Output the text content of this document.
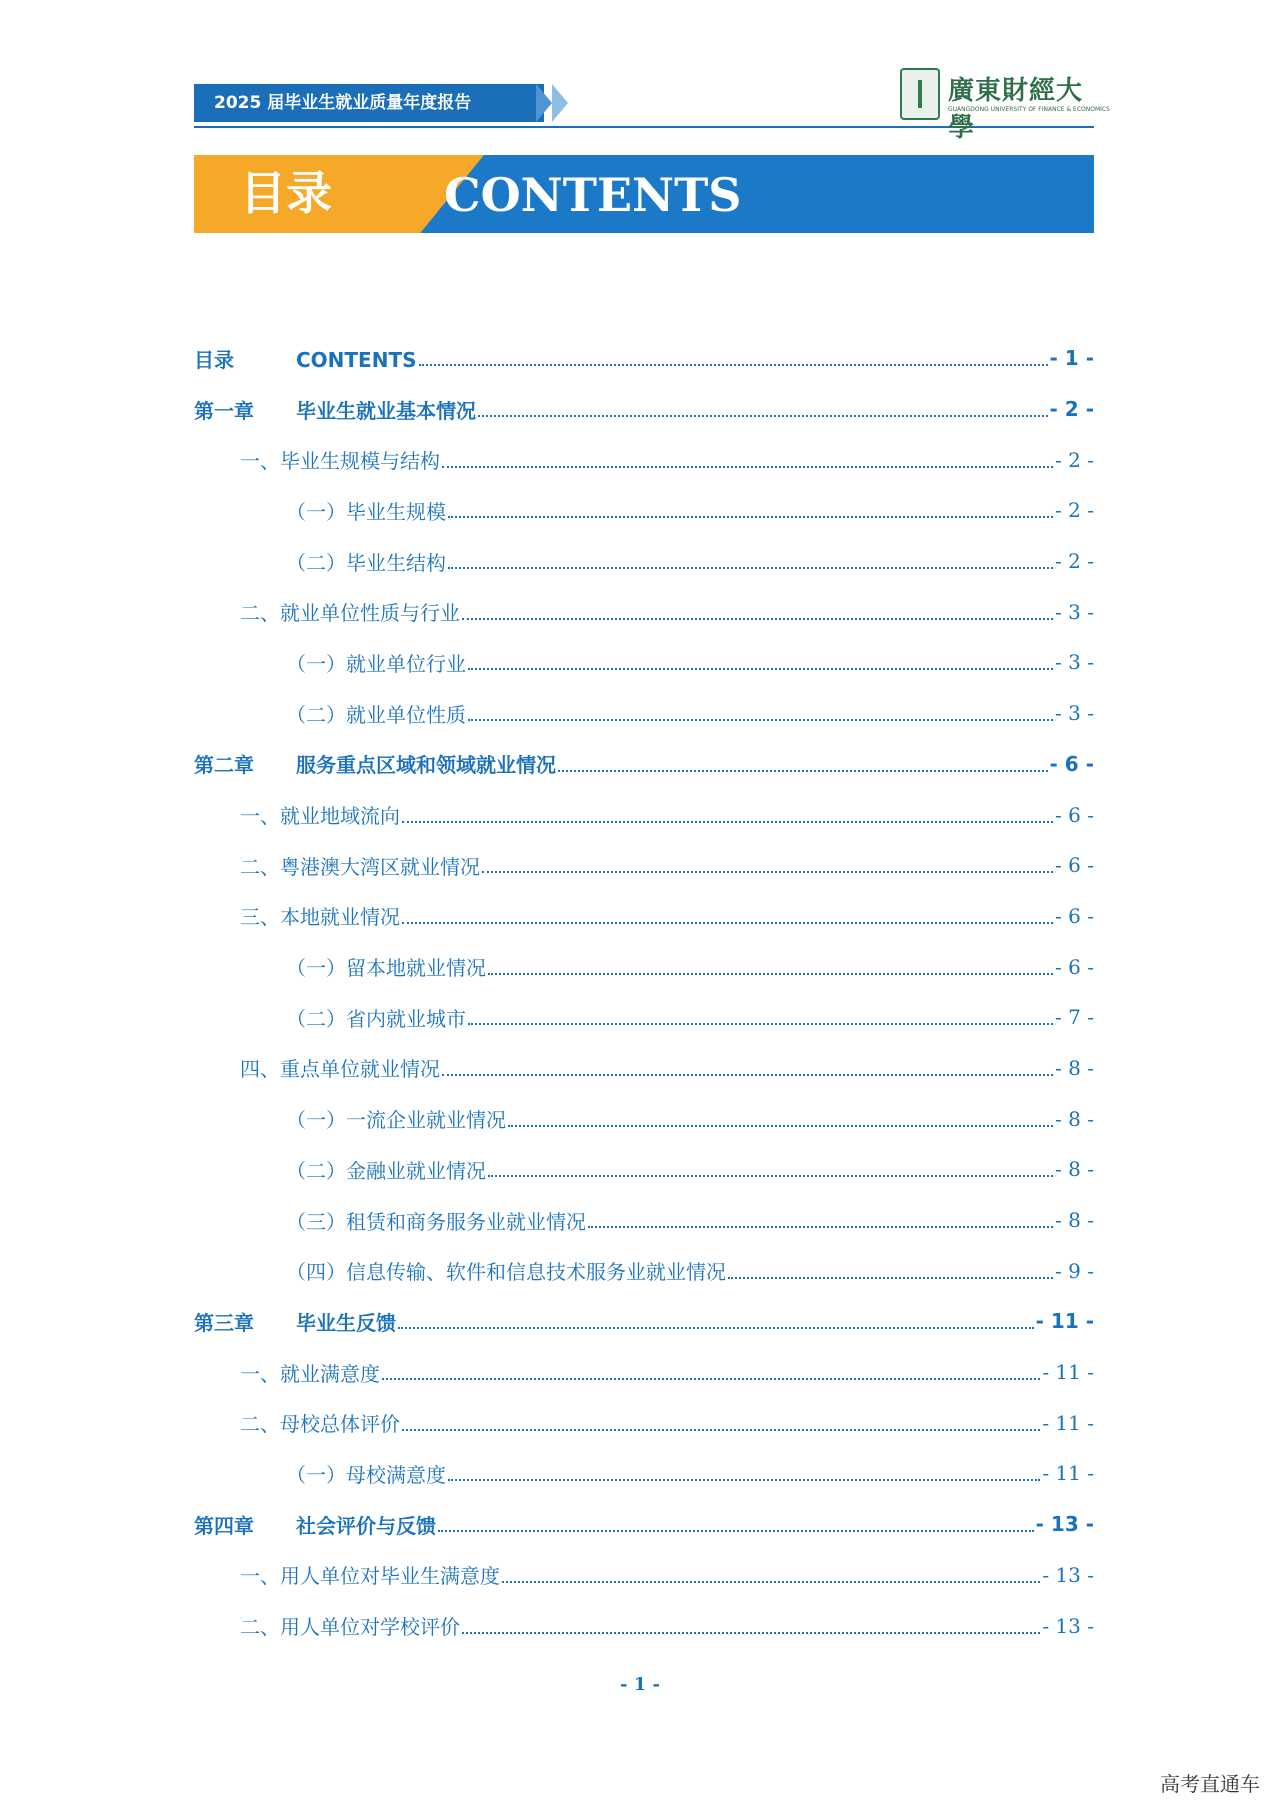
2025 届毕业生就业质量年度报告	廣東財經大學
GUANGDONG UNIVERSITY OF FINANCE & ECONOMICS
目录 CONTENTS
目录	CONTENTS	- 1 -
第一章 毕业生就业基本情况	- 2 -
一、毕业生规模与结构	- 2 -
（一）毕业生规模	- 2 -
（二）毕业生结构	- 2 -
二、就业单位性质与行业	- 3 -
（一）就业单位行业	- 3 -
（二）就业单位性质	- 3 -
第二章 服务重点区域和领域就业情况	- 6 -
一、就业地域流向	- 6 -
二、粤港澳大湾区就业情况	- 6 -
三、本地就业情况	- 6 -
（一）留本地就业情况	- 6 -
（二）省内就业城市	- 7 -
四、重点单位就业情况	- 8 -
（一）一流企业就业情况	- 8 -
（二）金融业就业情况	- 8 -
（三）租赁和商务服务业就业情况	- 8 -
（四）信息传输、软件和信息技术服务业就业情况	- 9 -
第三章 毕业生反馈	- 11 -
一、就业满意度	- 11 -
二、母校总体评价	- 11 -
（一）母校满意度	- 11 -
第四章 社会评价与反馈	- 13 -
一、用人单位对毕业生满意度	- 13 -
二、用人单位对学校评价	- 13 -
- 1 -
高考直通车
